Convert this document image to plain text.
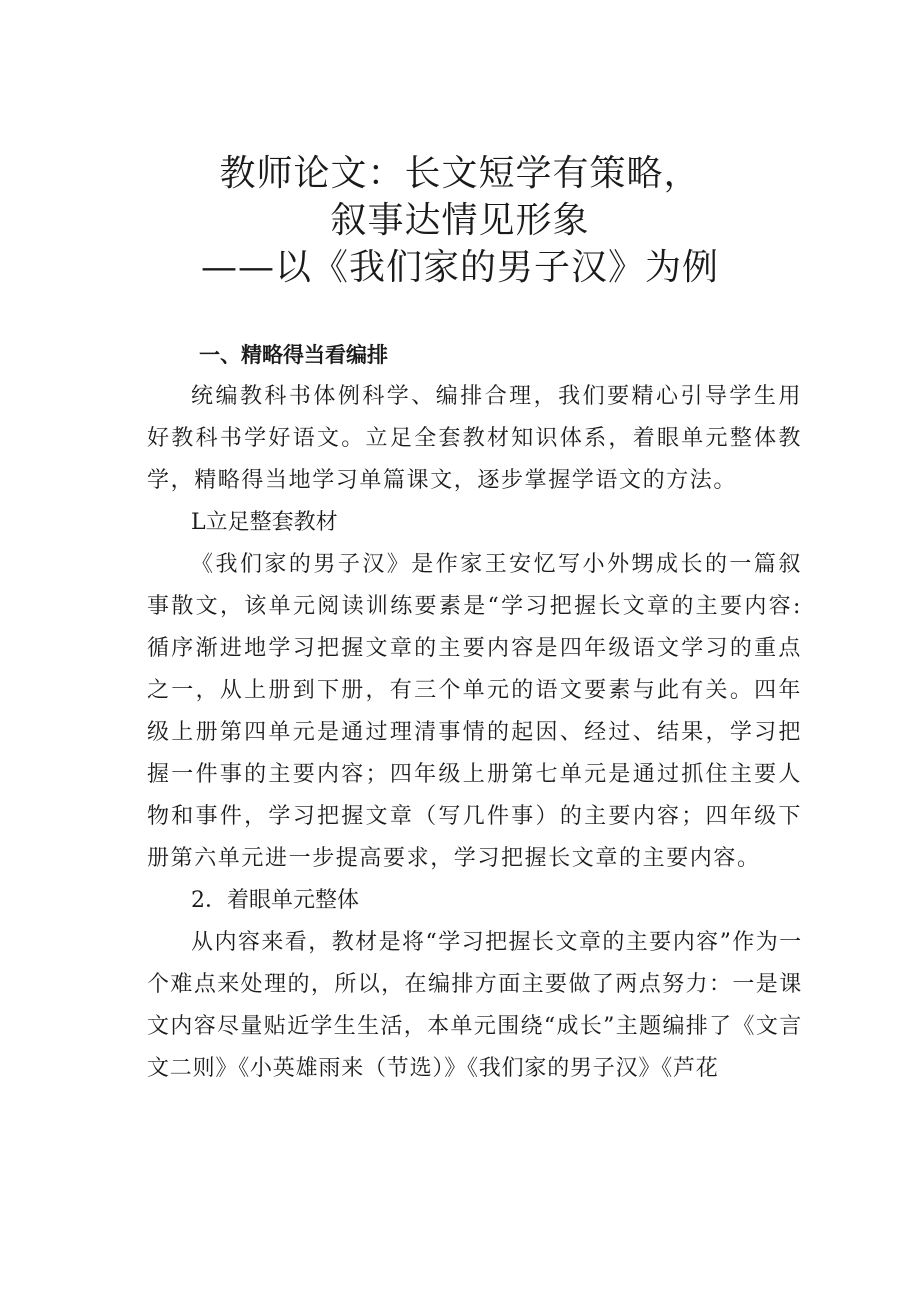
教师论文：长文短学有策略，
叙事达情见形象
——以《我们家的男子汉》为例
一、精略得当看编排

统编教科书体例科学、编排合理，我们要精心引导学生用好教科书学好语文。立足全套教材知识体系，着眼单元整体教学，精略得当地学习单篇课文，逐步掌握学语文的方法。

L立足整套教材

《我们家的男子汉》是作家王安忆写小外甥成长的一篇叙事散文，该单元阅读训练要素是“学习把握长文章的主要内容:循序渐进地学习把握文章的主要内容是四年级语文学习的重点之一，从上册到下册，有三个单元的语文要素与此有关。四年级上册第四单元是通过理清事情的起因、经过、结果，学习把握一件事的主要内容；四年级上册第七单元是通过抓住主要人物和事件，学习把握文章（写几件事）的主要内容；四年级下册第六单元进一步提高要求，学习把握长文章的主要内容。

2．着眼单元整体

从内容来看，教材是将“学习把握长文章的主要内容”作为一个难点来处理的，所以，在编排方面主要做了两点努力：一是课文内容尽量贴近学生生活，本单元围绕“成长”主题编排了《文言文二则》《小英雄雨来（节选）》《我们家的男子汉》《芦花
